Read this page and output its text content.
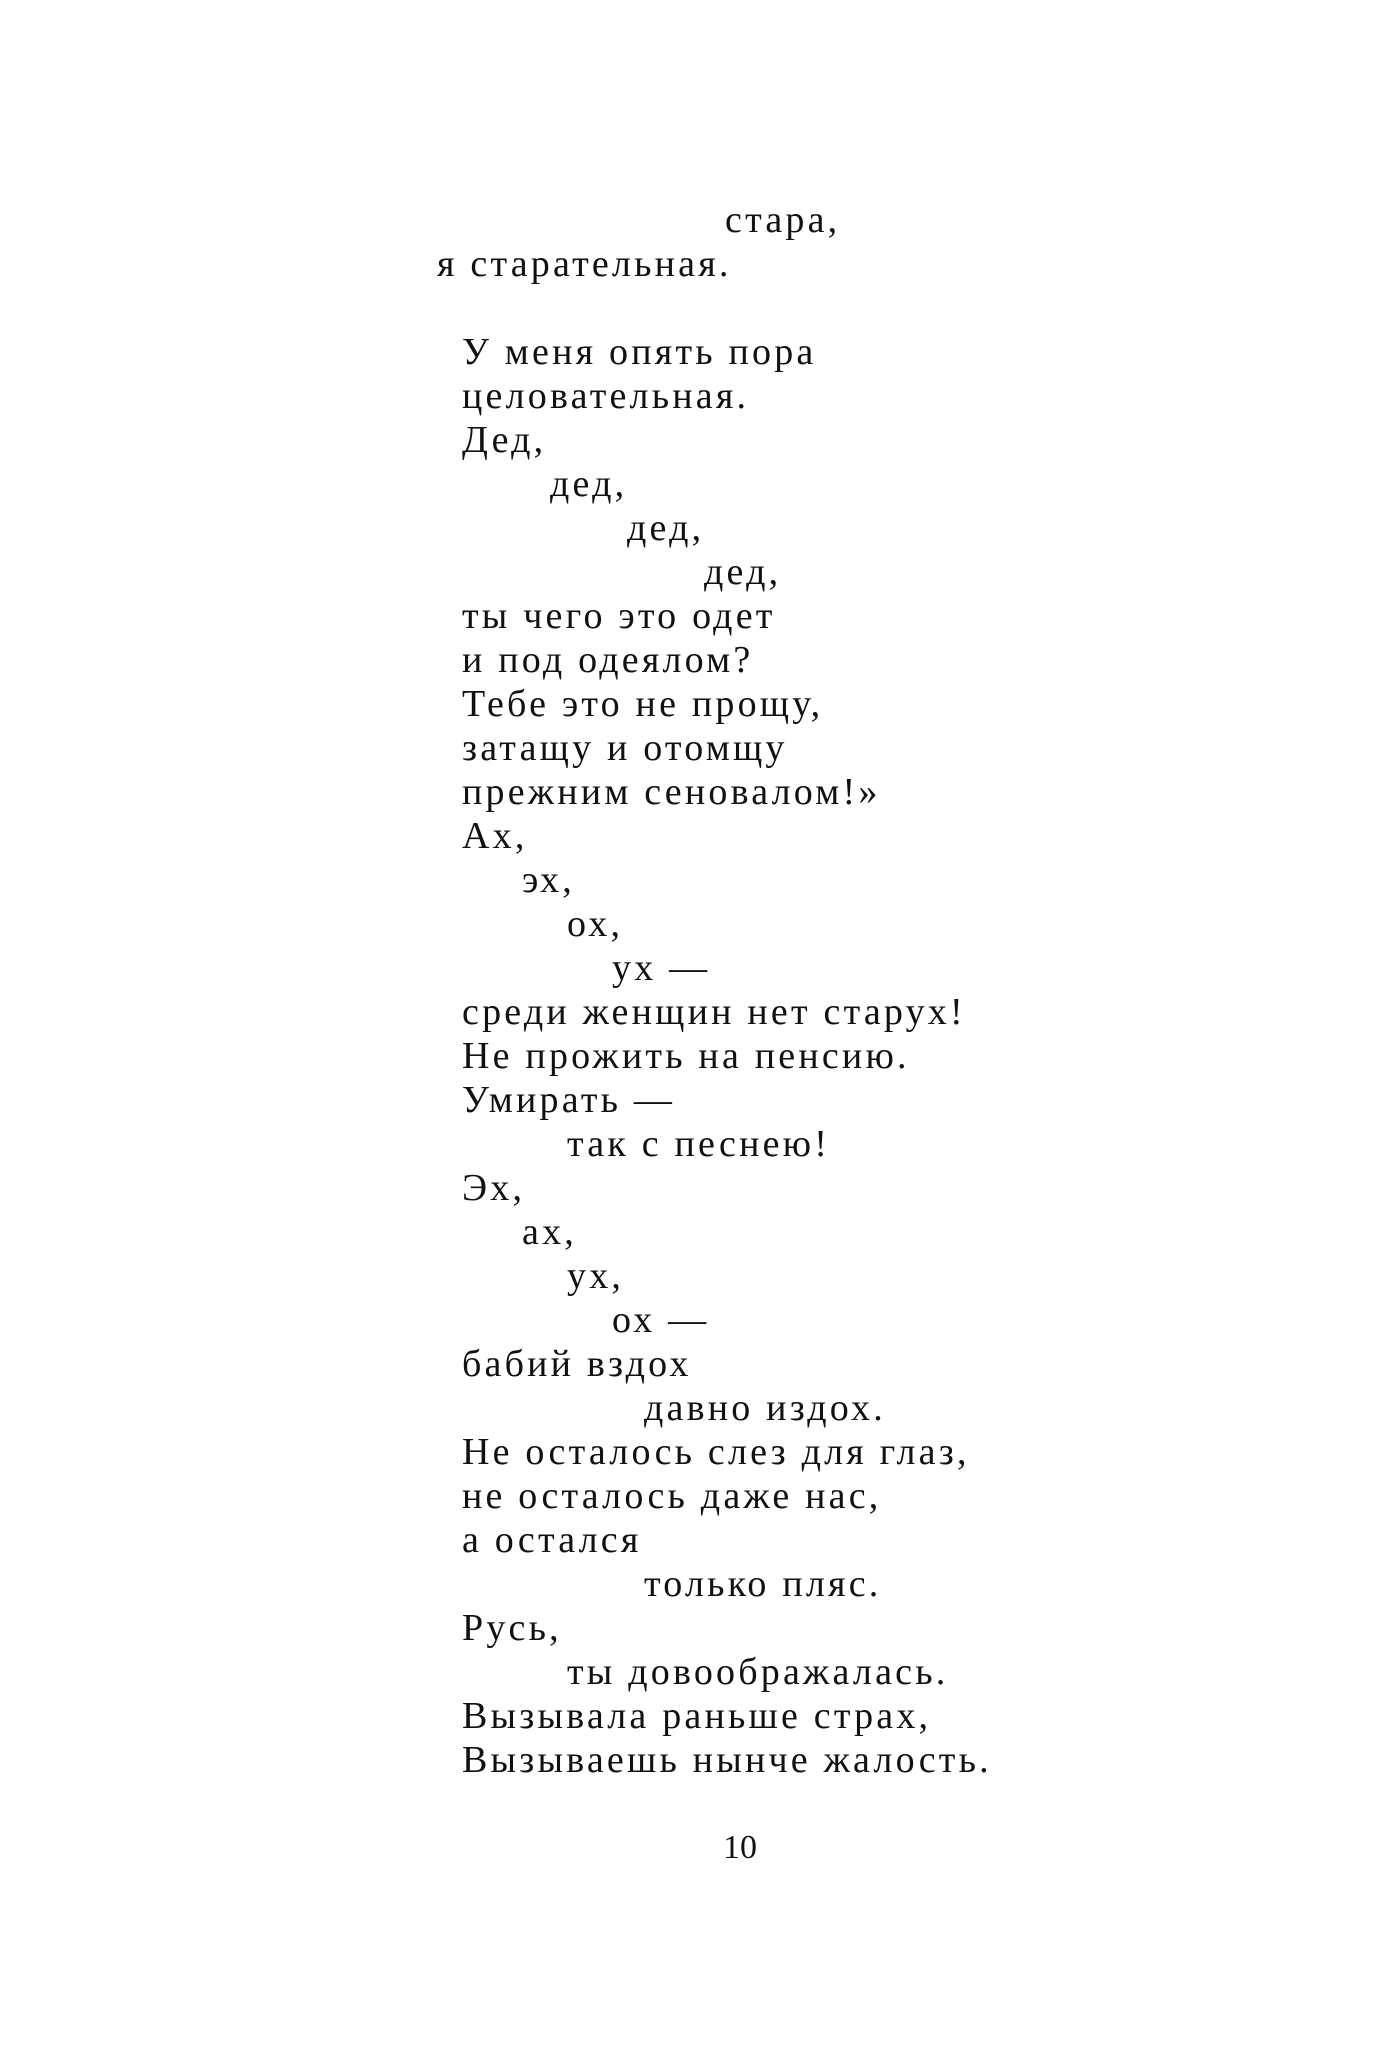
стара,

я старательная.

У меня опять пора

целовательная.

Дед,

дед,

дед,

дед,

ты чего это одет

и под одеялом?

Тебе это не прощу,

затащу и отомщу

прежним сеновалом!»

Ах,

эх,

ох,

ух —

среди женщин нет старух!

Не прожить на пенсию.

Умирать —

так с песнею!

Эх,

ах,

ух,

ох —

бабий вздох

давно издох.

Не осталось слез для глаз,

не осталось даже нас,

а остался

только пляс.

Русь,

ты довоображалась.

Вызывала раньше страх,

Вызываешь нынче жалость.

10
